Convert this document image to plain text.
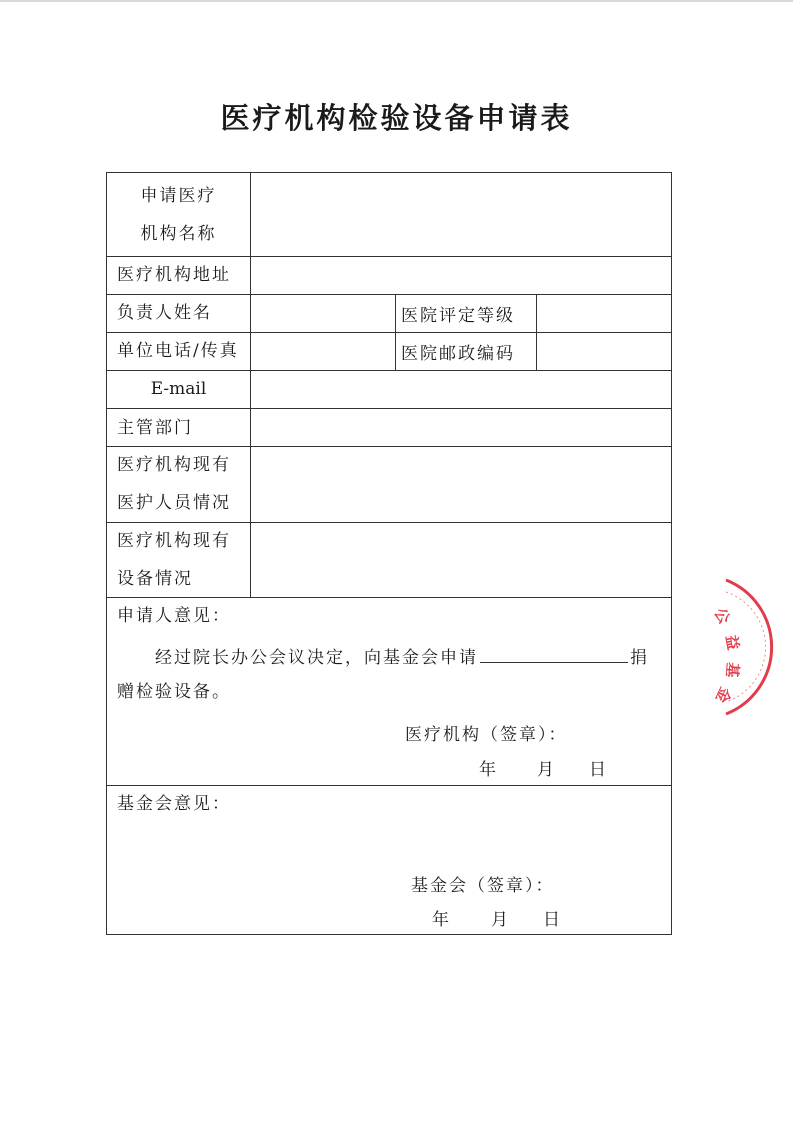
医疗机构检验设备申请表
申请医疗
机构名称
医疗机构地址
负责人姓名	医院评定等级
单位电话/传真	医院邮政编码
E-mail
主管部门
医疗机构现有
医护人员情况
医疗机构现有
设备情况
申请人意见：
经过院长办公会议决定，向基金会申请	捐
赠检验设备。
医疗机构（签章）：
年 月 日
基金会意见：
基金会（签章）：
年 月 日
公
益
基
金
